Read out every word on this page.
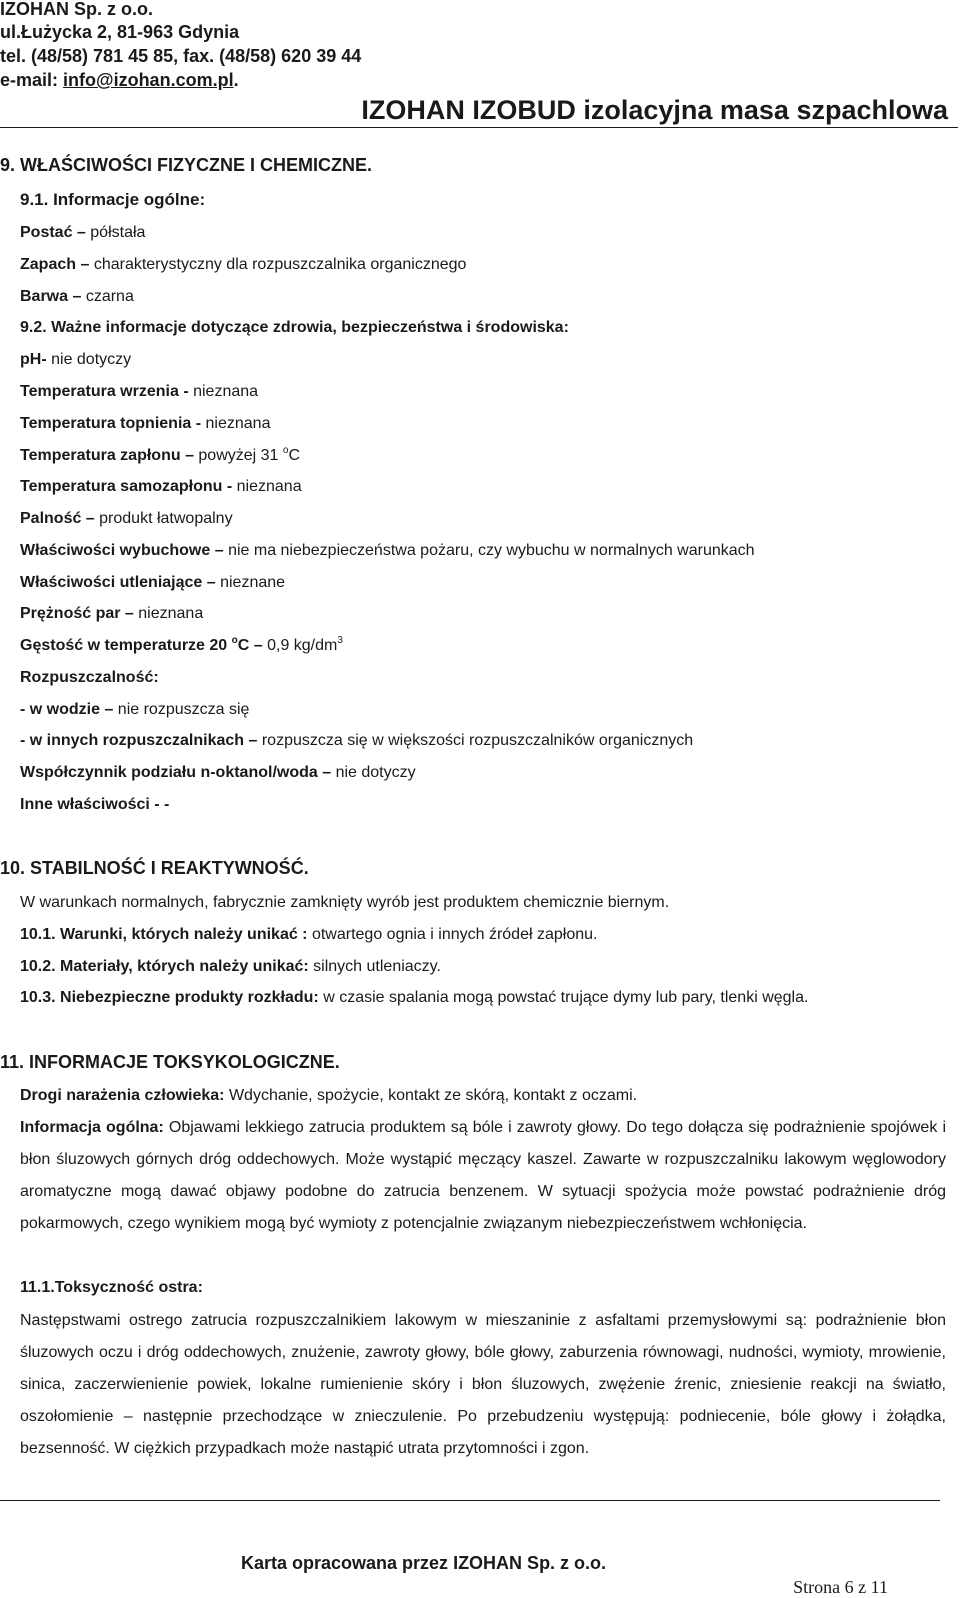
IZOHAN Sp. z o.o.
ul.Łużycka 2, 81-963 Gdynia
tel. (48/58) 781 45 85, fax. (48/58) 620 39 44
e-mail: info@izohan.com.pl.
IZOHAN IZOBUD izolacyjna masa szpachlowa
9. WŁAŚCIWOŚCI FIZYCZNE I CHEMICZNE.
9.1. Informacje ogólne:
Postać – półstała
Zapach – charakterystyczny dla rozpuszczalnika organicznego
Barwa – czarna
9.2. Ważne informacje dotyczące zdrowia, bezpieczeństwa i środowiska:
pH- nie dotyczy
Temperatura wrzenia - nieznana
Temperatura topnienia - nieznana
Temperatura zapłonu – powyżej 31 $^o$C
Temperatura samozapłonu - nieznana
Palność – produkt łatwopalny
Właściwości wybuchowe – nie ma niebezpieczeństwa pożaru, czy wybuchu w normalnych warunkach
Właściwości utleniające – nieznane
Prężność par – nieznana
Gęstość w temperaturze 20 $^o$C – 0,9 $kg/dm^3$
Rozpuszczalność:
- w wodzie – nie rozpuszcza się
- w innych rozpuszczalnikach – rozpuszcza się w większości rozpuszczalników organicznych
Współczynnik podziału n-oktanol/woda – nie dotyczy
Inne właściwości - -
10. STABILNOŚĆ I REAKTYWNOŚĆ.
W warunkach normalnych, fabrycznie zamknięty wyrób jest produktem chemicznie biernym.
10.1. Warunki, których należy unikać : otwartego ognia i innych źródeł zapłonu.
10.2. Materiały, których należy unikać: silnych utleniaczy.
10.3. Niebezpieczne produkty rozkładu: w czasie spalania mogą powstać trujące dymy lub pary, tlenki węgla.
11. INFORMACJE TOKSYKOLOGICZNE.
Drogi narażenia człowieka: Wdychanie, spożycie, kontakt ze skórą, kontakt z oczami.
Informacja ogólna: Objawami lekkiego zatrucia produktem są bóle i zawroty głowy. Do tego dołącza się podrażnienie spojówek i błon śluzowych górnych dróg oddechowych. Może wystąpić męczący kaszel. Zawarte w rozpuszczalniku lakowym węglowodory aromatyczne mogą dawać objawy podobne do zatrucia benzenem. W sytuacji spożycia może powstać podrażnienie dróg pokarmowych, czego wynikiem mogą być wymioty z potencjalnie związanym niebezpieczeństwem wchłonięcia.
11.1.Toksyczność ostra:
Następstwami ostrego zatrucia rozpuszczalnikiem lakowym w mieszaninie z asfaltami przemysłowymi są: podrażnienie błon śluzowych oczu i dróg oddechowych, znużenie, zawroty głowy, bóle głowy, zaburzenia równowagi, nudności, wymioty, mrowienie, sinica, zaczerwienienie powiek, lokalne rumienienie skóry i błon śluzowych, zwężenie źrenic, zniesienie reakcji na światło, oszołomienie – następnie przechodzące w znieczulenie. Po przebudzeniu występują: podniecenie, bóle głowy i żołądka, bezsenność. W ciężkich przypadkach może nastąpić utrata przytomności i zgon.
Karta opracowana przez IZOHAN Sp. z o.o.
Strona 6 z 11
